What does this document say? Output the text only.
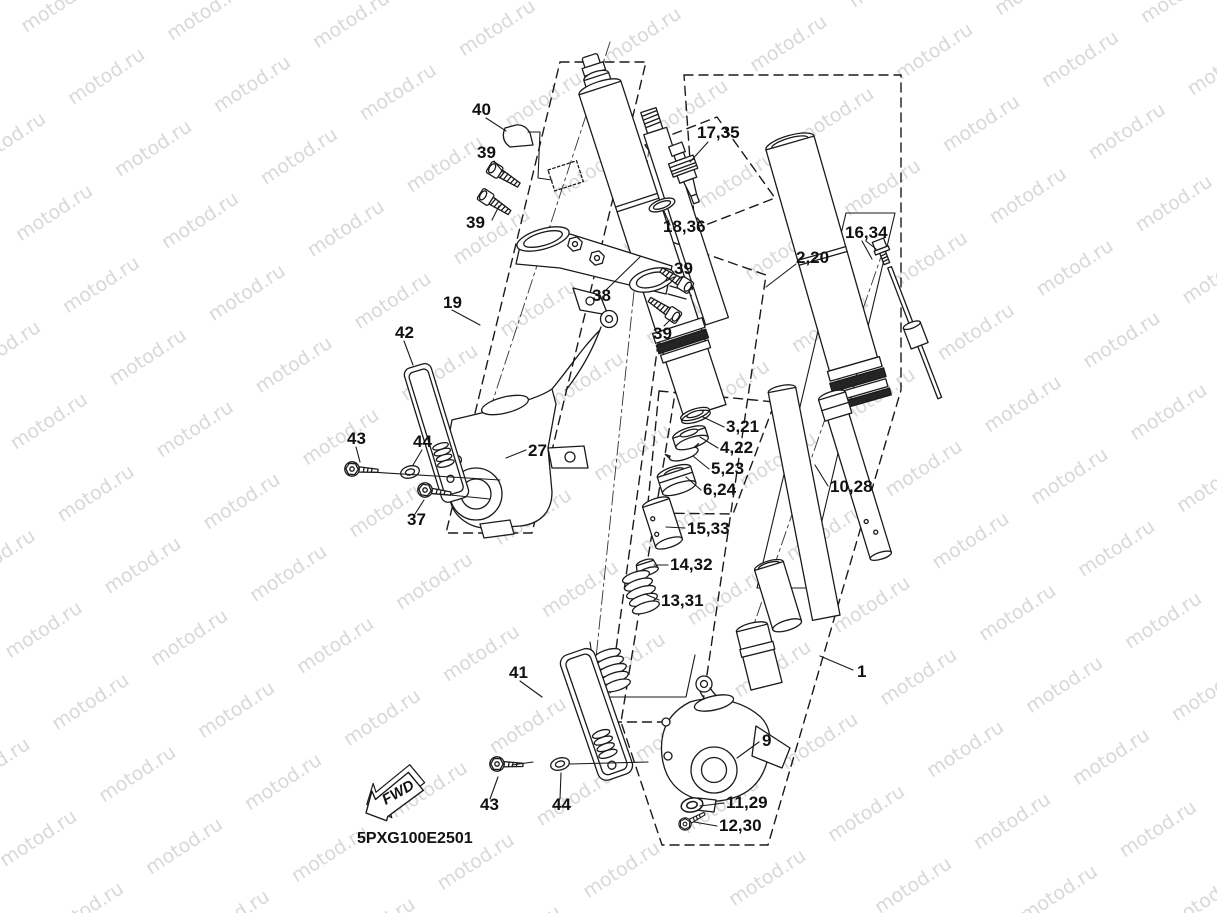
FWD
40
39
39
17,35
18,36
38
39
39
2,20
16,34
19
42
43	44	27
37
3,21
4,22
5,23
6,24
15,33
14,32
13,31
10,28
1
41
9
11,29
12,30
43	44
5PXG100E2501
